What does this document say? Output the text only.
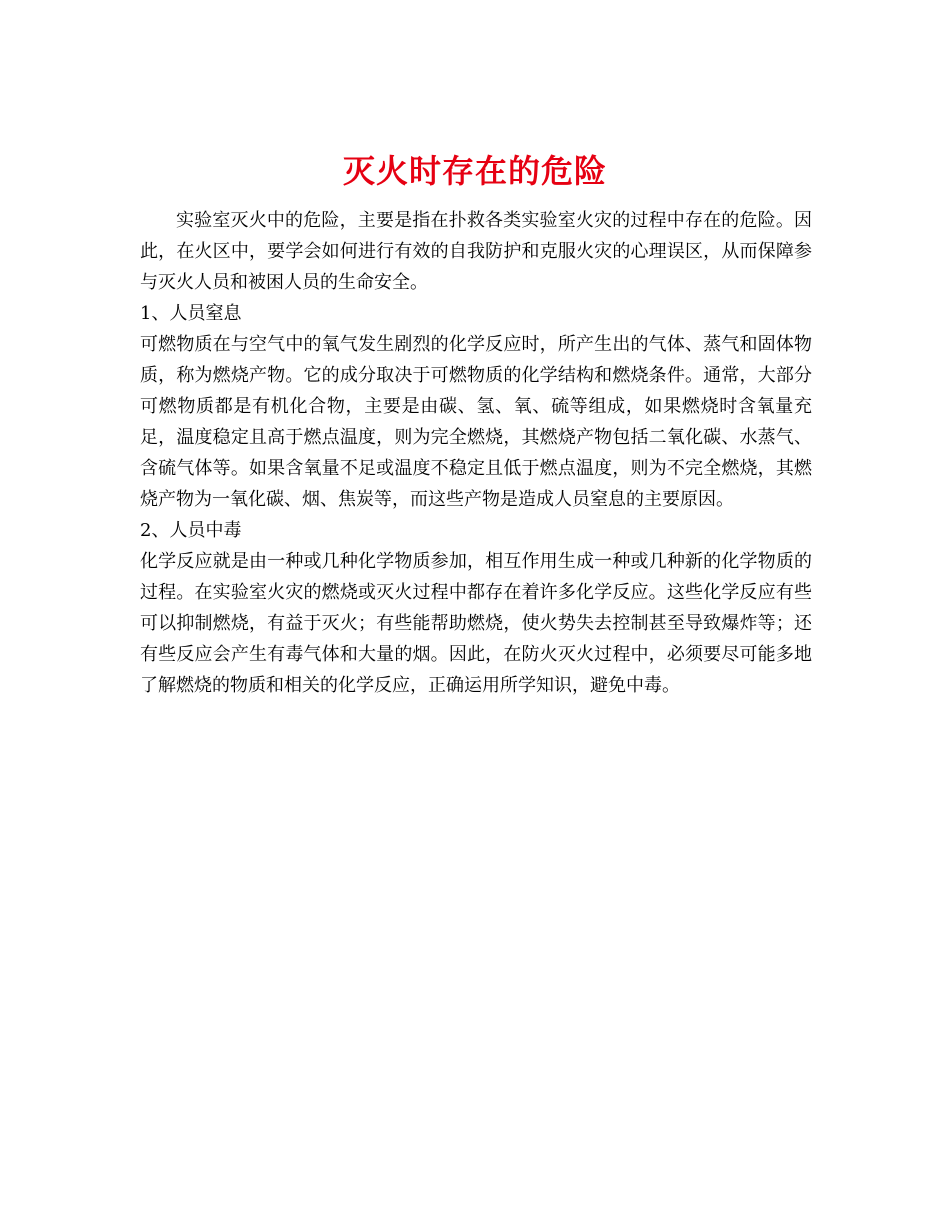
灭火时存在的危险

实验室灭火中的危险，主要是指在扑救各类实验室火灾的过程中存在的危险。因此，在火区中，要学会如何进行有效的自我防护和克服火灾的心理误区，从而保障参与灭火人员和被困人员的生命安全。

1、人员窒息

可燃物质在与空气中的氧气发生剧烈的化学反应时，所产生出的气体、蒸气和固体物质，称为燃烧产物。它的成分取决于可燃物质的化学结构和燃烧条件。通常，大部分可燃物质都是有机化合物，主要是由碳、氢、氧、硫等组成，如果燃烧时含氧量充足，温度稳定且高于燃点温度，则为完全燃烧，其燃烧产物包括二氧化碳、水蒸气、含硫气体等。如果含氧量不足或温度不稳定且低于燃点温度，则为不完全燃烧，其燃烧产物为一氧化碳、烟、焦炭等，而这些产物是造成人员窒息的主要原因。

2、人员中毒

化学反应就是由一种或几种化学物质参加，相互作用生成一种或几种新的化学物质的过程。在实验室火灾的燃烧或灭火过程中都存在着许多化学反应。这些化学反应有些可以抑制燃烧，有益于灭火；有些能帮助燃烧，使火势失去控制甚至导致爆炸等；还有些反应会产生有毒气体和大量的烟。因此，在防火灭火过程中，必须要尽可能多地了解燃烧的物质和相关的化学反应，正确运用所学知识，避免中毒。
